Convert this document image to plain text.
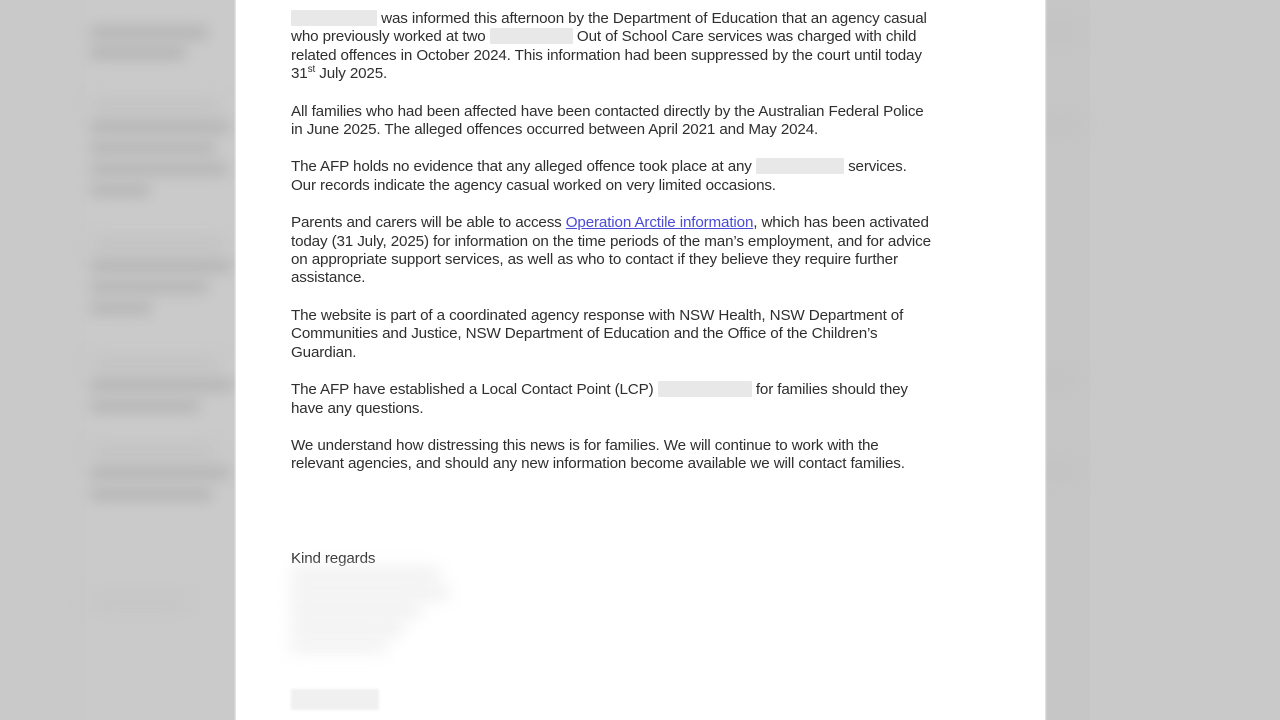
was informed this afternoon by the Department of Education that an agency casual who previously worked at two	Out of School Care services was charged with child related offences in October 2024. This information had been suppressed by the court until today 31st July 2025.

All families who had been affected have been contacted directly by the Australian Federal Police in June 2025. The alleged offences occurred between April 2021 and May 2024.

The AFP holds no evidence that any alleged offence took place at any	services. Our records indicate the agency casual worked on very limited occasions.

Parents and carers will be able to access Operation Arctile information, which has been activated today (31 July, 2025) for information on the time periods of the man’s employment, and for advice on appropriate support services, as well as who to contact if they believe they require further assistance.

The website is part of a coordinated agency response with NSW Health, NSW Department of Communities and Justice, NSW Department of Education and the Office of the Children’s Guardian.

The AFP have established a Local Contact Point (LCP)	for families should they have any questions.

We understand how distressing this news is for families. We will continue to work with the relevant agencies, and should any new information become available we will contact families.

Kind regards
